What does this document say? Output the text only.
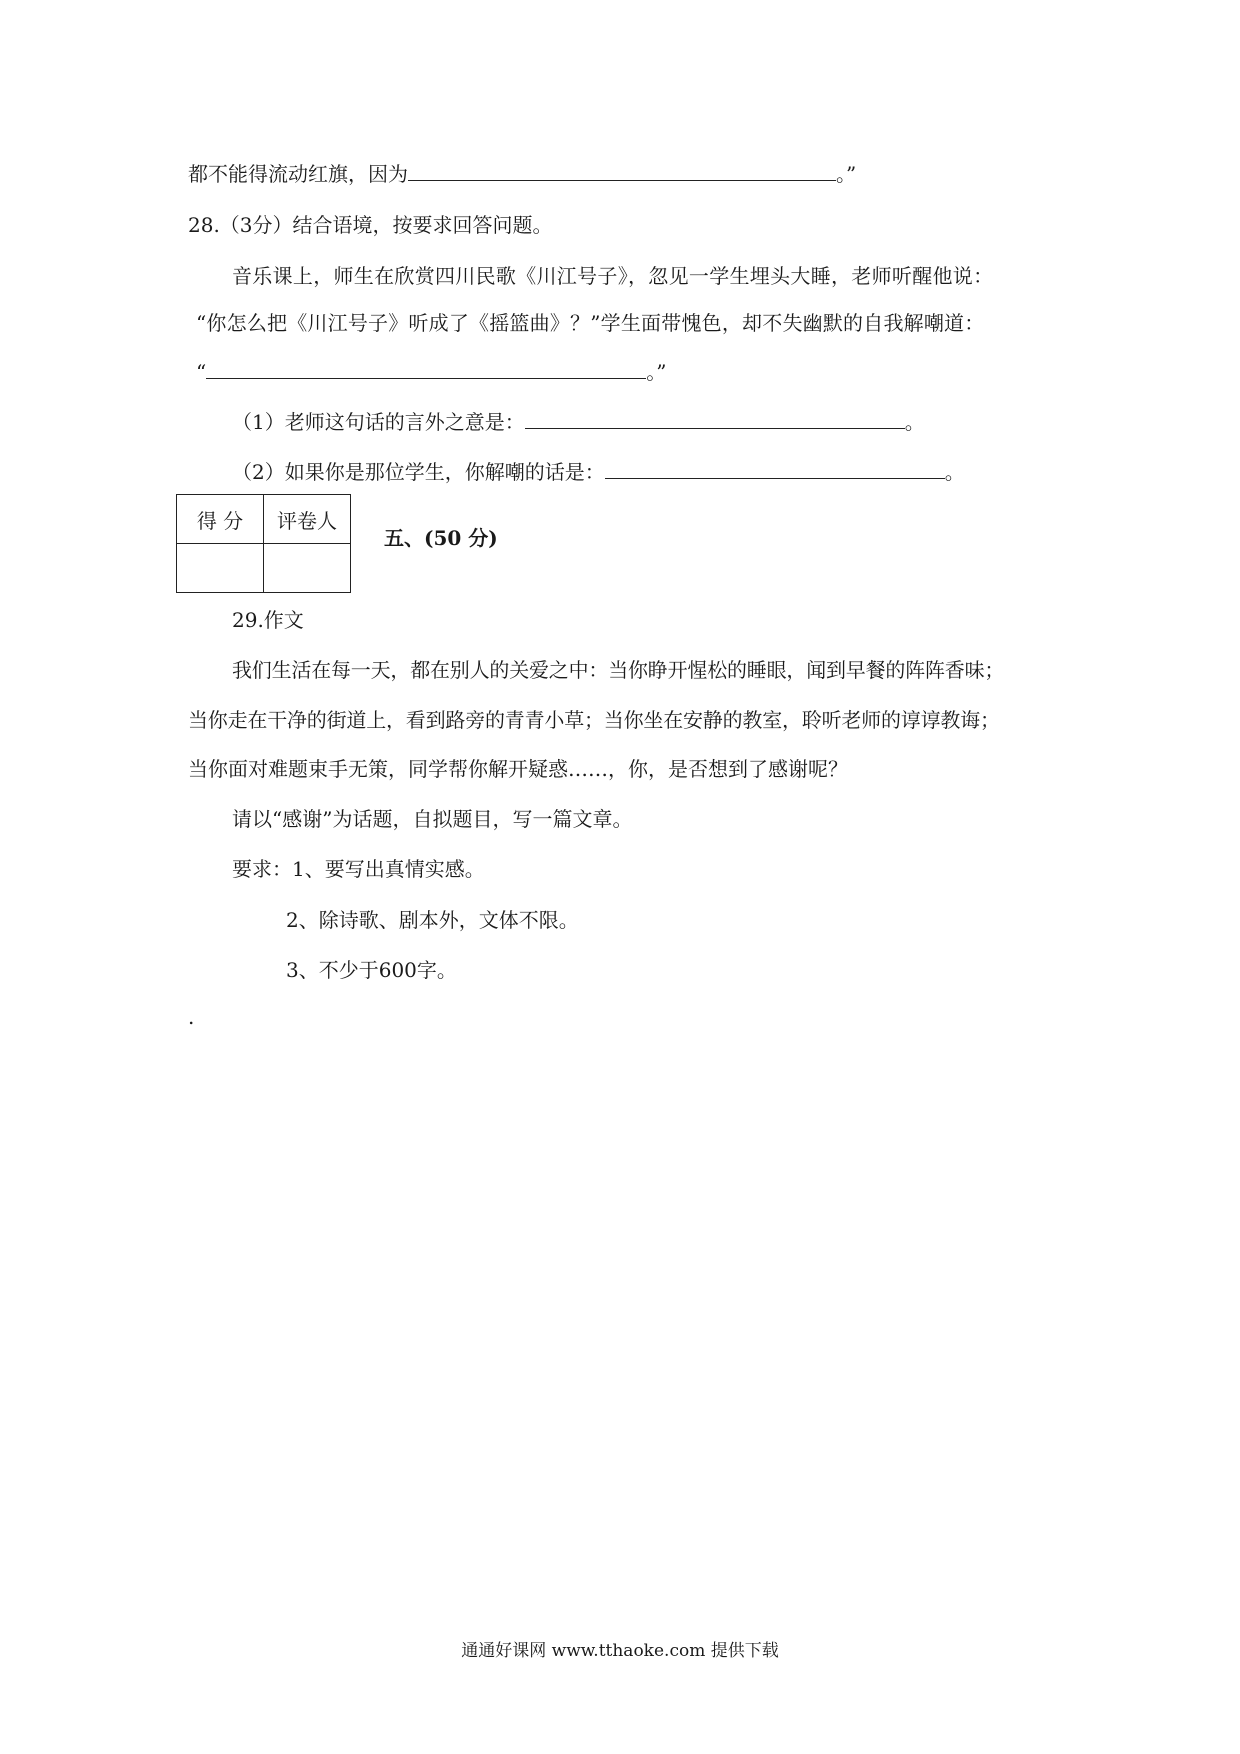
都不能得流动红旗，因为	。”
28.（3分）结合语境，按要求回答问题。
音乐课上，师生在欣赏四川民歌《川江号子》，忽见一学生埋头大睡，老师听醒他说：
“你怎么把《川江号子》听成了《摇篮曲》？”学生面带愧色，却不失幽默的自我解嘲道：
“	。”
（1）老师这句话的言外之意是：	。
（2）如果你是那位学生，你解嘲的话是：	。
得 分	评卷人

五、(50 分)
29.作文
我们生活在每一天，都在别人的关爱之中：当你睁开惺松的睡眼，闻到早餐的阵阵香味；
当你走在干净的街道上，看到路旁的青青小草；当你坐在安静的教室，聆听老师的谆谆教诲；
当你面对难题束手无策，同学帮你解开疑惑……，你，是否想到了感谢呢？
请以“感谢”为话题，自拟题目，写一篇文章。
要求：1、要写出真情实感。
2、除诗歌、剧本外，文体不限。
3、不少于600字。
.
通通好课网 www.tthaoke.com 提供下载
